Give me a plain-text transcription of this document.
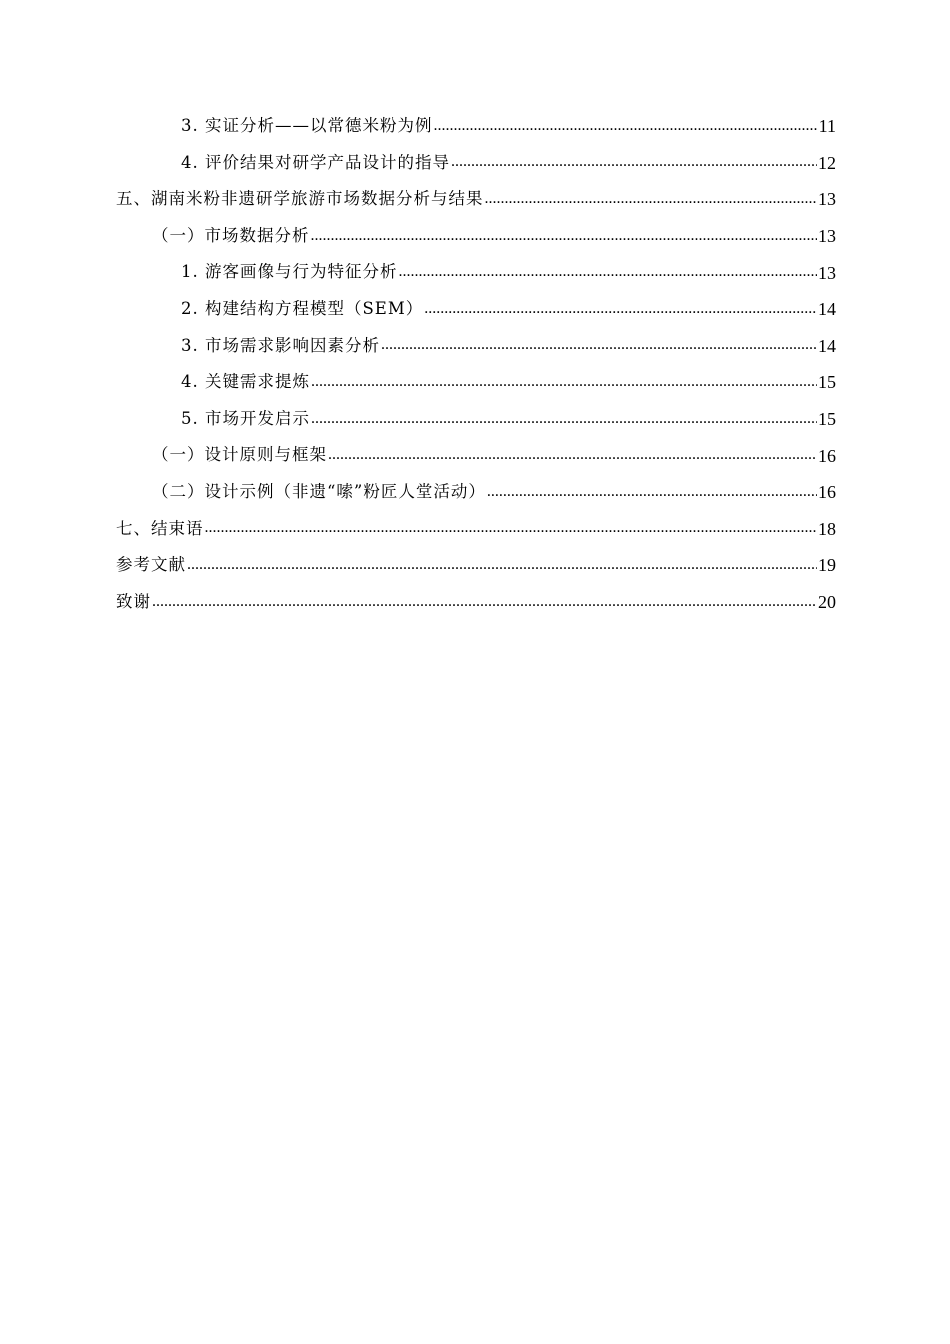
3. 实证分析——以常德米粉为例 .....	11
4. 评价结果对研学产品设计的指导 .....	12
五、湖南米粉非遗研学旅游市场数据分析与结果 .....	13
（一）市场数据分析 .....	13
1. 游客画像与行为特征分析 .....	13
2. 构建结构方程模型（SEM） .....	14
3. 市场需求影响因素分析 .....	14
4. 关键需求提炼 .....	15
5. 市场开发启示 .....	15
（一）设计原则与框架 .....	16
（二）设计示例（非遗“嗦”粉匠人堂活动） .....	16
七、结束语 .....	18
参考文献 .....	19
致谢 .....	20
